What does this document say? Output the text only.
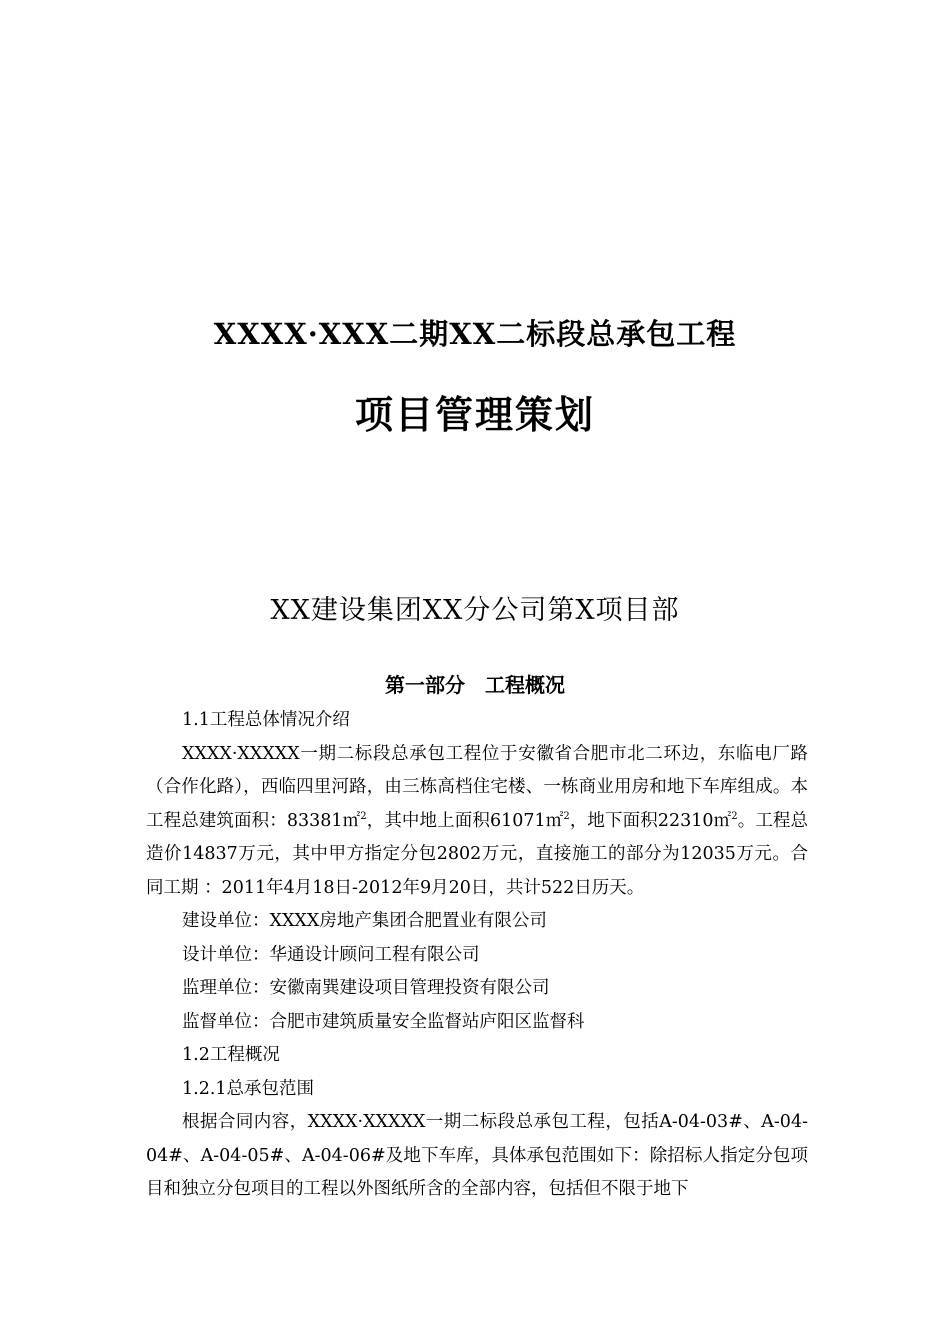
XXXX·XXX二期XX二标段总承包工程
项目管理策划
XX建设集团XX分公司第X项目部
第一部分　工程概况

1.1工程总体情况介绍

XXXX·XXXXX一期二标段总承包工程位于安徽省合肥市北二环边，东临电厂路（合作化路），西临四里河路，由三栋高档住宅楼、一栋商业用房和地下车库组成。本工程总建筑面积：83381㎡$^2$，其中地上面积61071㎡$^2$，地下面积22310㎡$^2$。工程总造价14837万元，其中甲方指定分包2802万元，直接施工的部分为12035万元。合同工期 ：2011年4月18日-2012年9月20日，共计522日历天。

建设单位：XXXX房地产集团合肥置业有限公司

设计单位：华通设计顾问工程有限公司

监理单位：安徽南巽建设项目管理投资有限公司

监督单位：合肥市建筑质量安全监督站庐阳区监督科

1.2工程概况

1.2.1总承包范围

根据合同内容，XXXX·XXXXX一期二标段总承包工程，包括A-04-03#、A-04-04#、A-04-05#、A-04-06#及地下车库，具体承包范围如下：除招标人指定分包项目和独立分包项目的工程以外图纸所含的全部内容，包括但不限于地下
